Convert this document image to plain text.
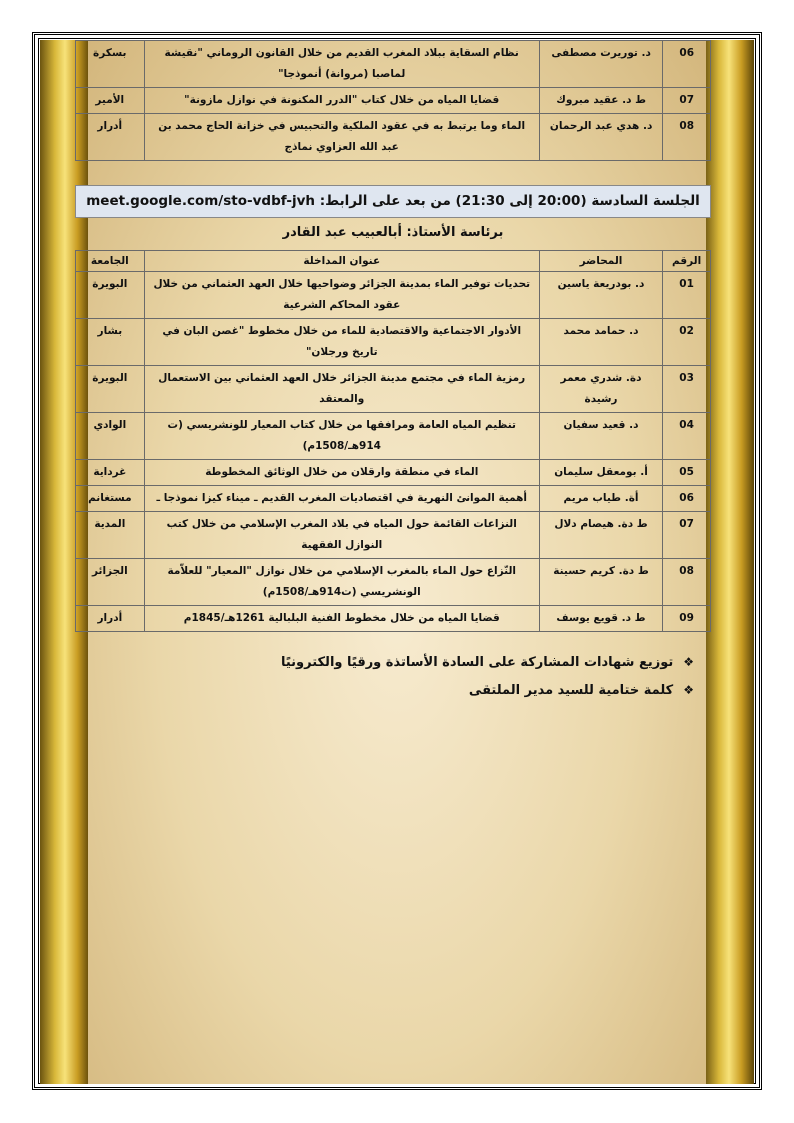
06	د. توريرت مصطفى	نظام السقاية ببلاد المغرب القديم من خلال القانون الروماني "نقيشة لماصبا (مروانة) أنموذجا"	بسكرة
07	ط د. عقيد مبروك	قضايا المياه من خلال كتاب "الدرر المكنونة في نوازل مازونة"	الأمير
08	د. هدي عبد الرحمان	الماء وما يرتبط به في عقود الملكية والتحبيس في خزانة الحاج محمد بن عبد الله العزاوي نماذج	أدرار
الجلسة السادسة (20:00 إلى 21:30) من بعد على الرابط: meet.google.com/sto-vdbf-jvh
برئاسة الأستاذ: أبالعبيب عبد القادر
الرقم	المحاضر	عنوان المداخلة	الجامعة
01	د. بودريعة ياسين	تحديات توفير الماء بمدينة الجزائر وضواحيها خلال العهد العثماني من خلال عقود المحاكم الشرعية	البويرة
02	د. حمامد محمد	الأدوار الاجتماعية والاقتصادية للماء من خلال مخطوط "غصن البان في تاريخ ورجلان"	بشار
03	دة. شدري معمر رشيدة	رمزية الماء في مجتمع مدينة الجزائر خلال العهد العثماني بين الاستعمال والمعتقد	البويرة
04	د. قعيد سفيان	تنظيم المياه العامة ومرافقها من خلال كتاب المعيار للونشريسي (ت 914هـ/1508م)	الوادي
05	أ. بومعقل سليمان	الماء في منطقة وارقلان من خلال الوثائق المخطوطة	غرداية
06	أة. طياب مريم	أهمية الموانئ النهرية في اقتصاديات المغرب القديم ـ ميناء كيزا نموذجا ـ	مستغانم
07	ط دة. هيصام دلال	النزاعات القائمة حول المياه في بلاد المغرب الإسلامي من خلال كتب النوازل الفقهية	المدية
08	ط دة. كريم حسينة	النّزاع حول الماء بالمغرب الإسلامي من خلال نوازل "المعيار" للعلاّمة الونشريسي (ت914هـ/1508م)	الجزائر
09	ط د. قويع يوسف	قضايا المياه من خلال مخطوط الفنية البلبالية 1261هـ/1845م	أدرار
❖توزيع شهادات المشاركة على السادة الأساتذة ورقيًا والكترونيًا
❖كلمة ختامية للسيد مدير الملتقى
